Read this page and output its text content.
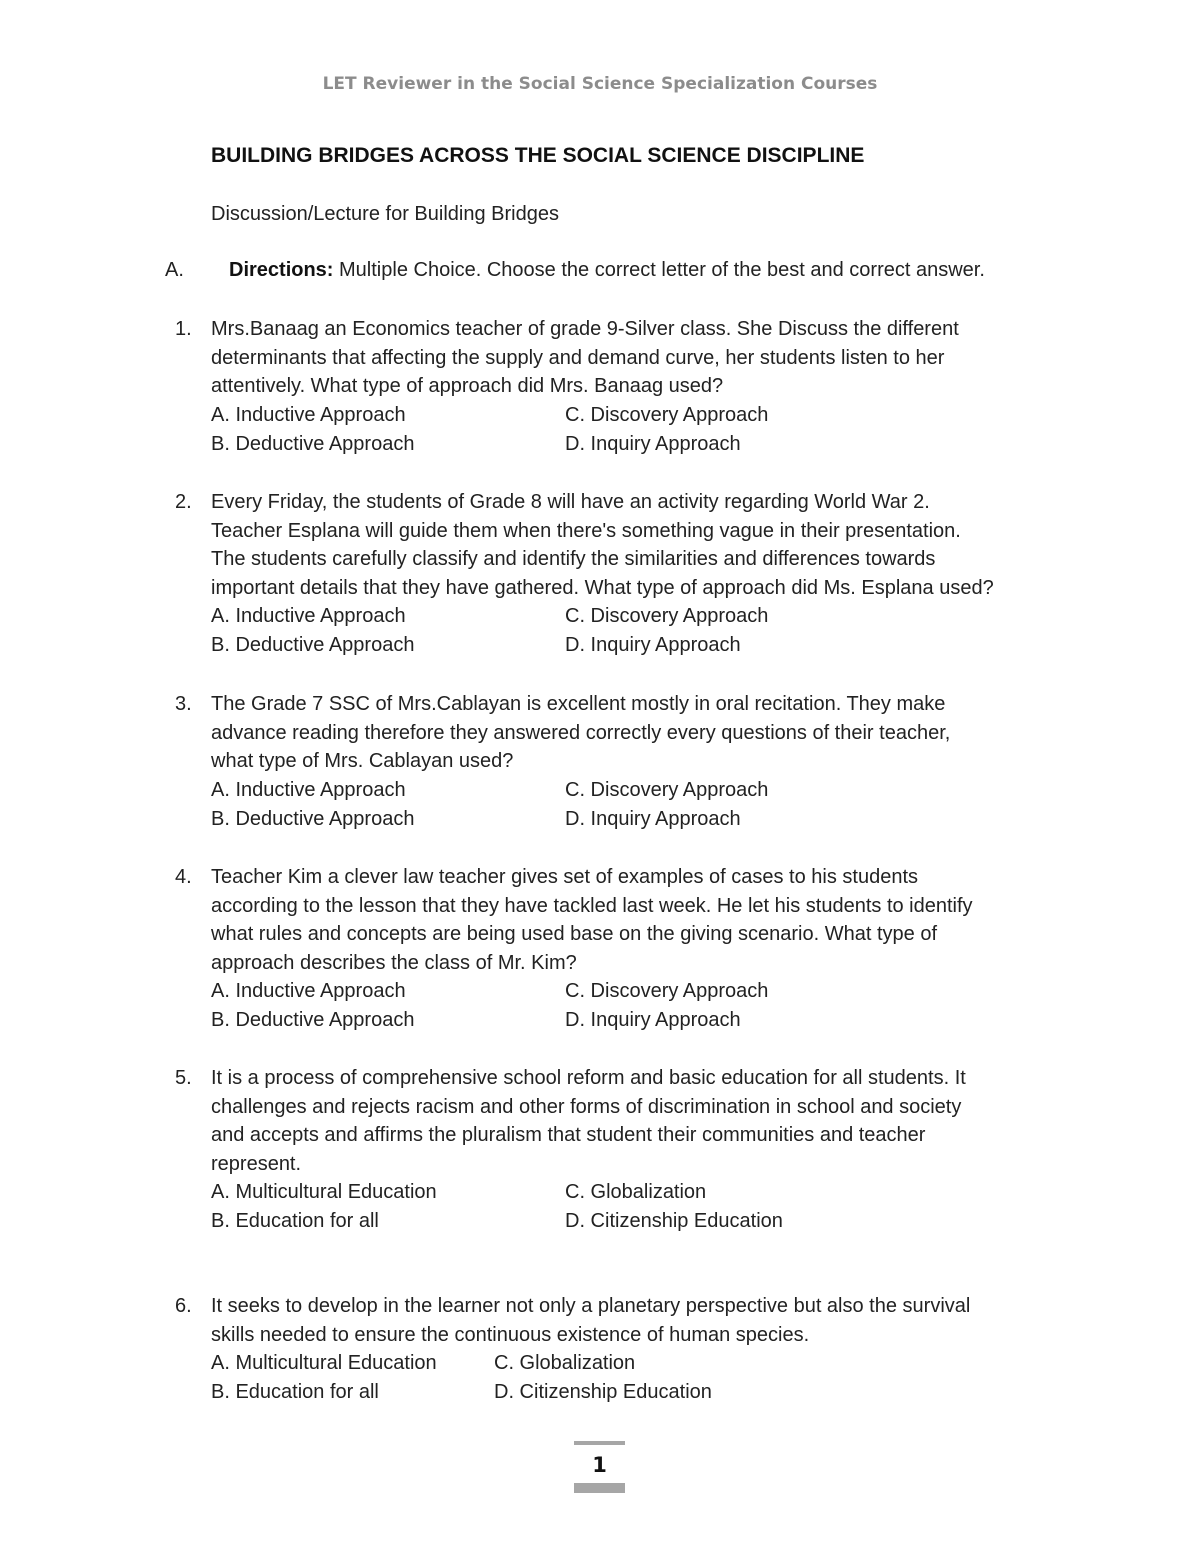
LET Reviewer in the Social Science Specialization Courses
BUILDING BRIDGES ACROSS THE SOCIAL SCIENCE DISCIPLINE
Discussion/Lecture for Building Bridges
A. Directions: Multiple Choice. Choose the correct letter of the best and correct answer.
1. Mrs.Banaag an Economics teacher of grade 9-Silver class. She Discuss the different
determinants that affecting the supply and demand curve, her students listen to her
attentively. What type of approach did Mrs. Banaag used?
A. Inductive Approach	C. Discovery Approach
B. Deductive Approach	D. Inquiry Approach
2. Every Friday, the students of Grade 8 will have an activity regarding World War 2.
Teacher Esplana will guide them when there's something vague in their presentation.
The students carefully classify and identify the similarities and differences towards
important details that they have gathered. What type of approach did Ms. Esplana used?
A. Inductive Approach	C. Discovery Approach
B. Deductive Approach	D. Inquiry Approach
3. The Grade 7 SSC of Mrs.Cablayan is excellent mostly in oral recitation. They make
advance reading therefore they answered correctly every questions of their teacher,
what type of Mrs. Cablayan used?
A. Inductive Approach	C. Discovery Approach
B. Deductive Approach	D. Inquiry Approach
4. Teacher Kim a clever law teacher gives set of examples of cases to his students
according to the lesson that they have tackled last week. He let his students to identify
what rules and concepts are being used base on the giving scenario. What type of
approach describes the class of Mr. Kim?
A. Inductive Approach	C. Discovery Approach
B. Deductive Approach	D. Inquiry Approach
5. It is a process of comprehensive school reform and basic education for all students. It
challenges and rejects racism and other forms of discrimination in school and society
and accepts and affirms the pluralism that student their communities and teacher
represent.
A. Multicultural Education	C. Globalization
B. Education for all	D. Citizenship Education
6. It seeks to develop in the learner not only a planetary perspective but also the survival
skills needed to ensure the continuous existence of human species.
A. Multicultural Education	C. Globalization
B. Education for all	D. Citizenship Education
1
